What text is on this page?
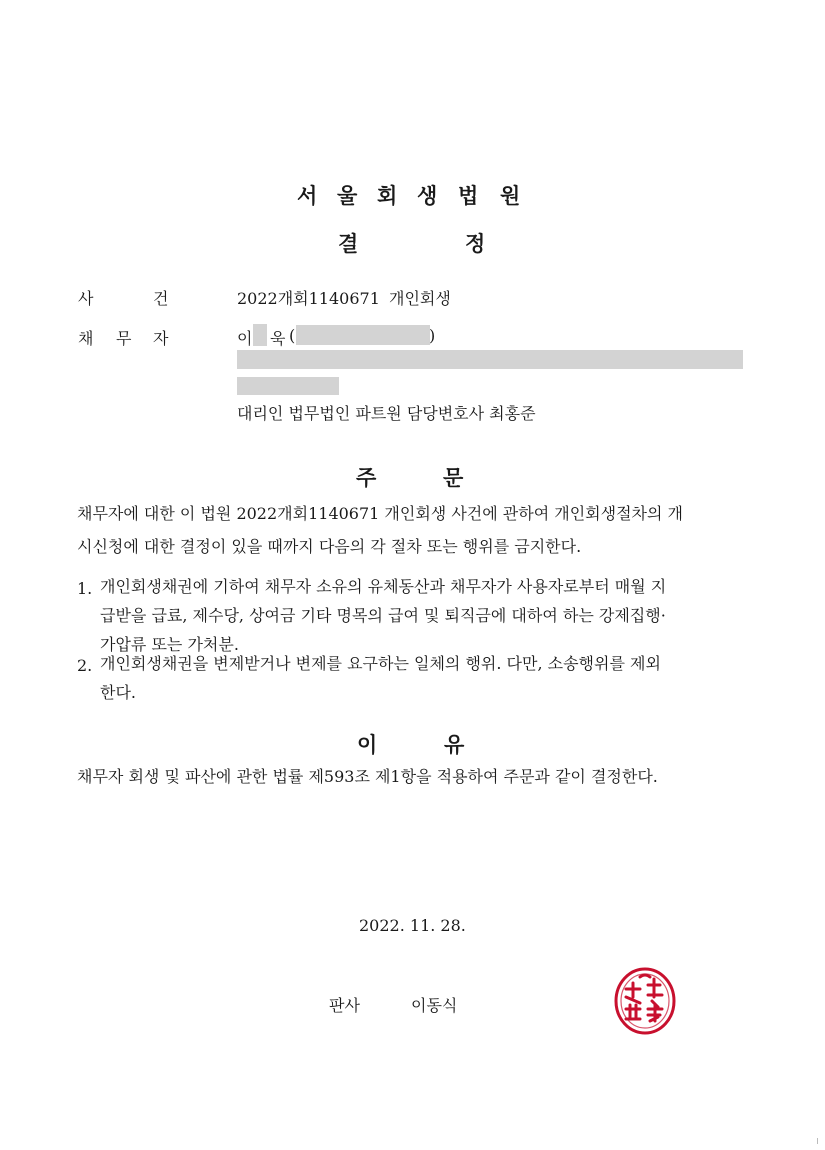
서 울 회 생 법 원
결	정
사	건	2022개회1140671 개인회생
채 무 자	이 욱 (	)
대리인 법무법인 파트원 담당변호사 최홍준
주	문
채무자에 대한 이 법원 2022개회1140671 개인회생 사건에 관하여 개인회생절차의 개
시신청에 대한 결정이 있을 때까지 다음의 각 절차 또는 행위를 금지한다.
1. 개인회생채권에 기하여 채무자 소유의 유체동산과 채무자가 사용자로부터 매월 지
급받을 급료, 제수당, 상여금 기타 명목의 급여 및 퇴직금에 대하여 하는 강제집행·
가압류 또는 가처분.
2. 개인회생채권을 변제받거나 변제를 요구하는 일체의 행위. 다만, 소송행위를 제외
한다.
이	유
채무자 회생 및 파산에 관한 법률 제593조 제1항을 적용하여 주문과 같이 결정한다.
2022. 11. 28.
판사	이동식
